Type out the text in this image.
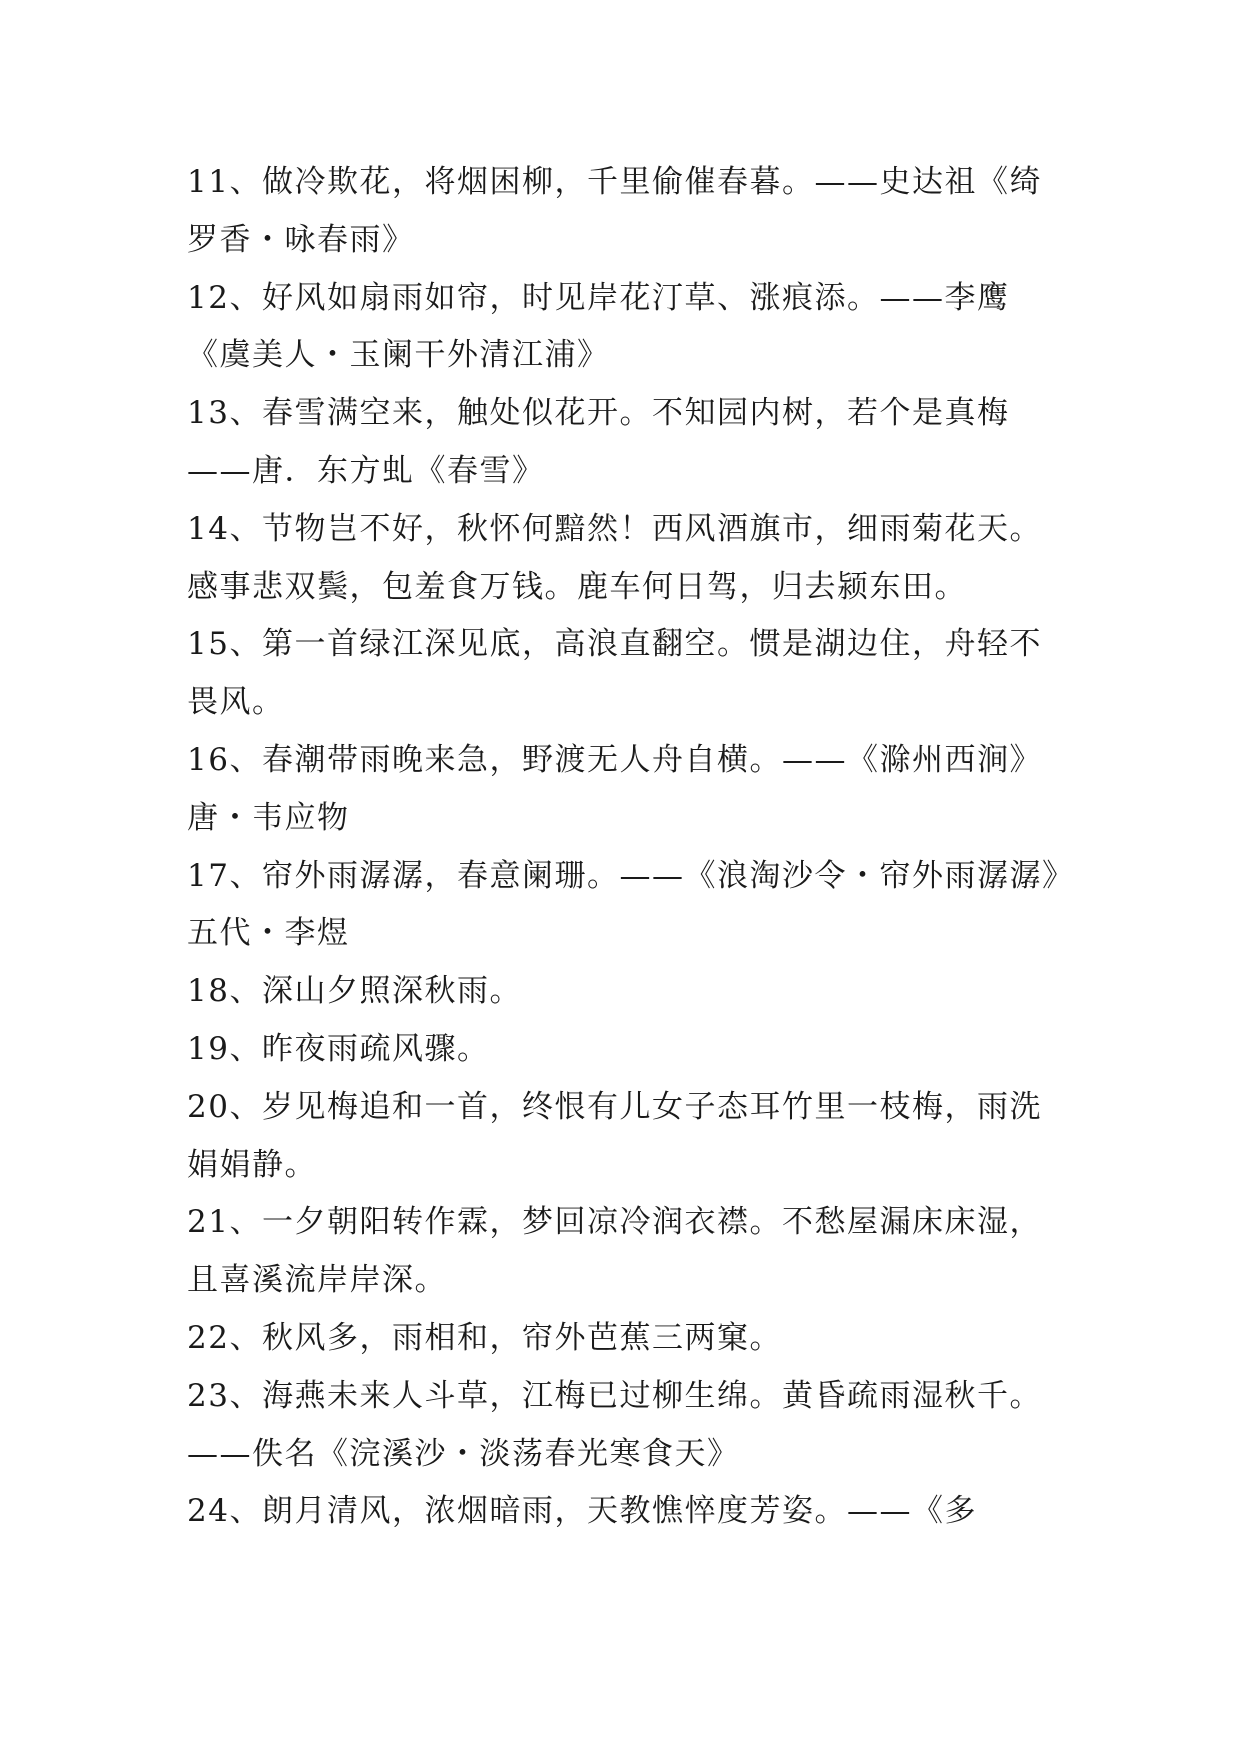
11、做冷欺花，将烟困柳，千里偷催春暮。——史达祖《绮
罗香・咏春雨》
12、好风如扇雨如帘，时见岸花汀草、涨痕添。——李鹰
《虞美人・玉阑干外清江浦》
13、春雪满空来，触处似花开。不知园内树，若个是真梅
——唐．东方虬《春雪》
14、节物岂不好，秋怀何黯然！西风酒旗市，细雨菊花天。
感事悲双鬓，包羞食万钱。鹿车何日驾，归去颍东田。
15、第一首绿江深见底，高浪直翻空。惯是湖边住，舟轻不
畏风。
16、春潮带雨晚来急，野渡无人舟自横。——《滁州西涧》
唐・韦应物
17、帘外雨潺潺，春意阑珊。——《浪淘沙令・帘外雨潺潺》
五代・李煜
18、深山夕照深秋雨。
19、昨夜雨疏风骤。
20、岁见梅追和一首，终恨有儿女子态耳竹里一枝梅，雨洗
娟娟静。
21、一夕朝阳转作霖，梦回凉冷润衣襟。不愁屋漏床床湿，
且喜溪流岸岸深。
22、秋风多，雨相和，帘外芭蕉三两窠。
23、海燕未来人斗草，江梅已过柳生绵。黄昏疏雨湿秋千。
——佚名《浣溪沙・淡荡春光寒食天》
24、朗月清风，浓烟暗雨，天教憔悴度芳姿。——《多
